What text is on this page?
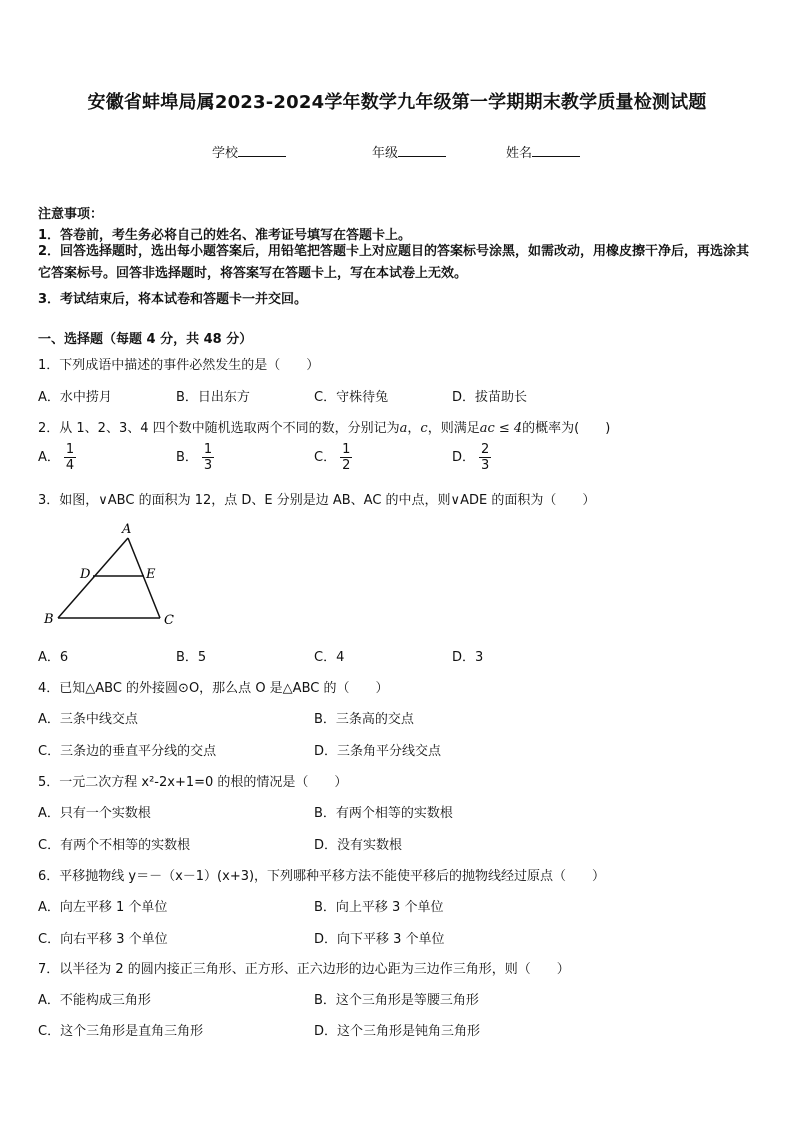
安徽省蚌埠局属2023-2024学年数学九年级第一学期期末教学质量检测试题
学校	年级	姓名
注意事项：
1．答卷前，考生务必将自己的姓名、准考证号填写在答题卡上。
2．回答选择题时，选出每小题答案后，用铅笔把答题卡上对应题目的答案标号涂黑，如需改动，用橡皮擦干净后，再选涂其它答案标号。回答非选择题时，将答案写在答题卡上，写在本试卷上无效。
3．考试结束后，将本试卷和答题卡一并交回。
一、选择题（每题 4 分，共 48 分）
1．下列成语中描述的事件必然发生的是（　　）
A．水中捞月	B．日出东方	C．守株待兔	D．拔苗助长
2．从 1、2、3、4 四个数中随机选取两个不同的数，分别记为a，c，则满足ac ≤ 4的概率为(　　)
A． $\frac{1}{4}$	B． $\frac{1}{3}$	C． $\frac{1}{2}$	D． $\frac{2}{3}$
3．如图，∨ABC 的面积为 12，点 D、E 分别是边 AB、AC 的中点，则∨ADE 的面积为（　　）
A
B	C
D	E
A．6	B．5	C．4	D．3
4．已知△ABC 的外接圆⊙O，那么点 O 是△ABC 的（　　）
A．三条中线交点	B．三条高的交点
C．三条边的垂直平分线的交点	D．三条角平分线交点
5．一元二次方程 x²-2x+1=0 的根的情况是（　　）
A．只有一个实数根	B．有两个相等的实数根
C．有两个不相等的实数根	D．没有实数根
6．平移抛物线 y＝－（x－1）(x+3)，下列哪种平移方法不能使平移后的抛物线经过原点（　　）
A．向左平移 1 个单位	B．向上平移 3 个单位
C．向右平移 3 个单位	D．向下平移 3 个单位
7．以半径为 2 的圆内接正三角形、正方形、正六边形的边心距为三边作三角形，则（　　）
A．不能构成三角形	B．这个三角形是等腰三角形
C．这个三角形是直角三角形	D．这个三角形是钝角三角形
